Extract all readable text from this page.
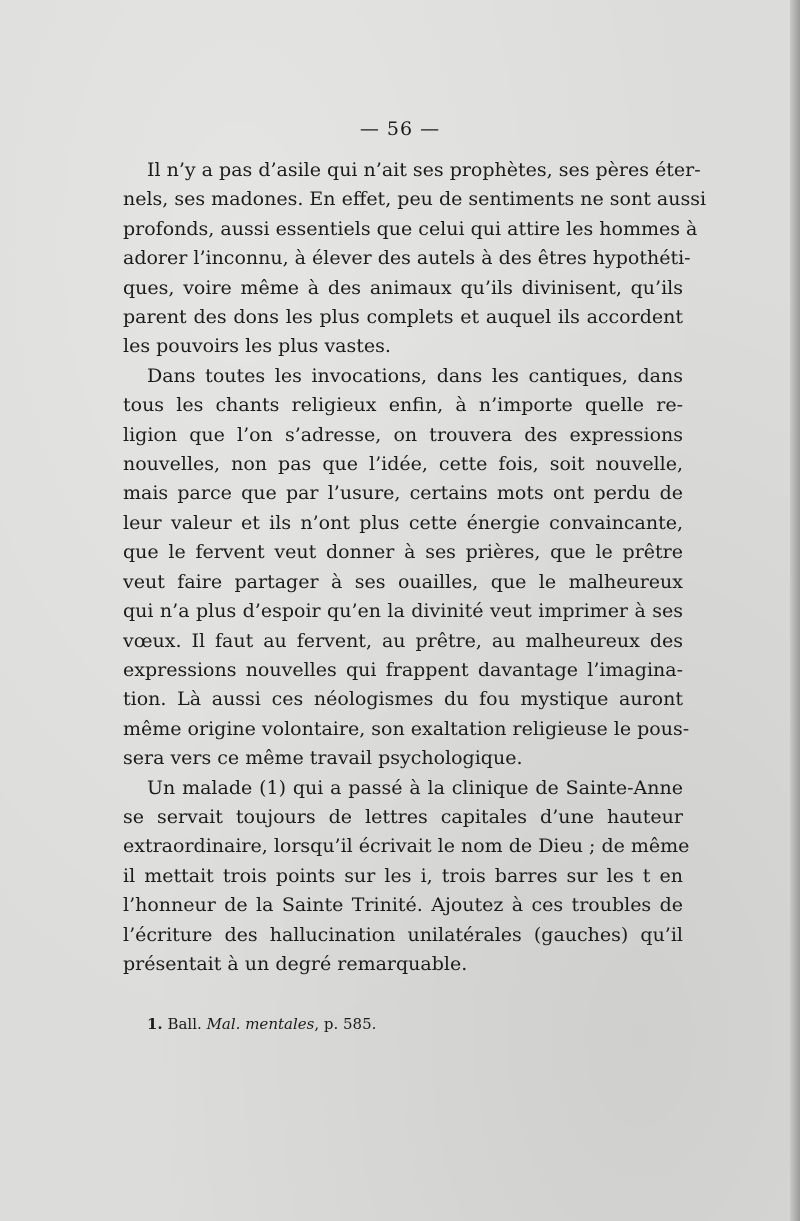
— 56 —

Il n’y a pas d’asile qui n’ait ses prophètes, ses pères éter-
nels, ses madones. En effet, peu de sentiments ne sont aussi
profonds, aussi essentiels que celui qui attire les hommes à
adorer l’inconnu, à élever des autels à des êtres hypothéti-
ques, voire même à des animaux qu’ils divinisent, qu’ils
parent des dons les plus complets et auquel ils accordent
les pouvoirs les plus vastes.

Dans toutes les invocations, dans les cantiques, dans
tous les chants religieux enfin, à n’importe quelle re-
ligion que l’on s’adresse, on trouvera des expressions
nouvelles, non pas que l’idée, cette fois, soit nouvelle,
mais parce que par l’usure, certains mots ont perdu de
leur valeur et ils n’ont plus cette énergie convaincante,
que le fervent veut donner à ses prières, que le prêtre
veut faire partager à ses ouailles, que le malheureux
qui n’a plus d’espoir qu’en la divinité veut imprimer à ses
vœux. Il faut au fervent, au prêtre, au malheureux des
expressions nouvelles qui frappent davantage l’imagina-
tion. Là aussi ces néologismes du fou mystique auront
même origine volontaire, son exaltation religieuse le pous-
sera vers ce même travail psychologique.

Un malade (1) qui a passé à la clinique de Sainte-Anne
se servait toujours de lettres capitales d’une hauteur
extraordinaire, lorsqu’il écrivait le nom de Dieu ; de même
il mettait trois points sur les i, trois barres sur les t en
l’honneur de la Sainte Trinité. Ajoutez à ces troubles de
l’écriture des hallucination unilatérales (gauches) qu’il
présentait à un degré remarquable.

1. Ball. Mal. mentales, p. 585.
